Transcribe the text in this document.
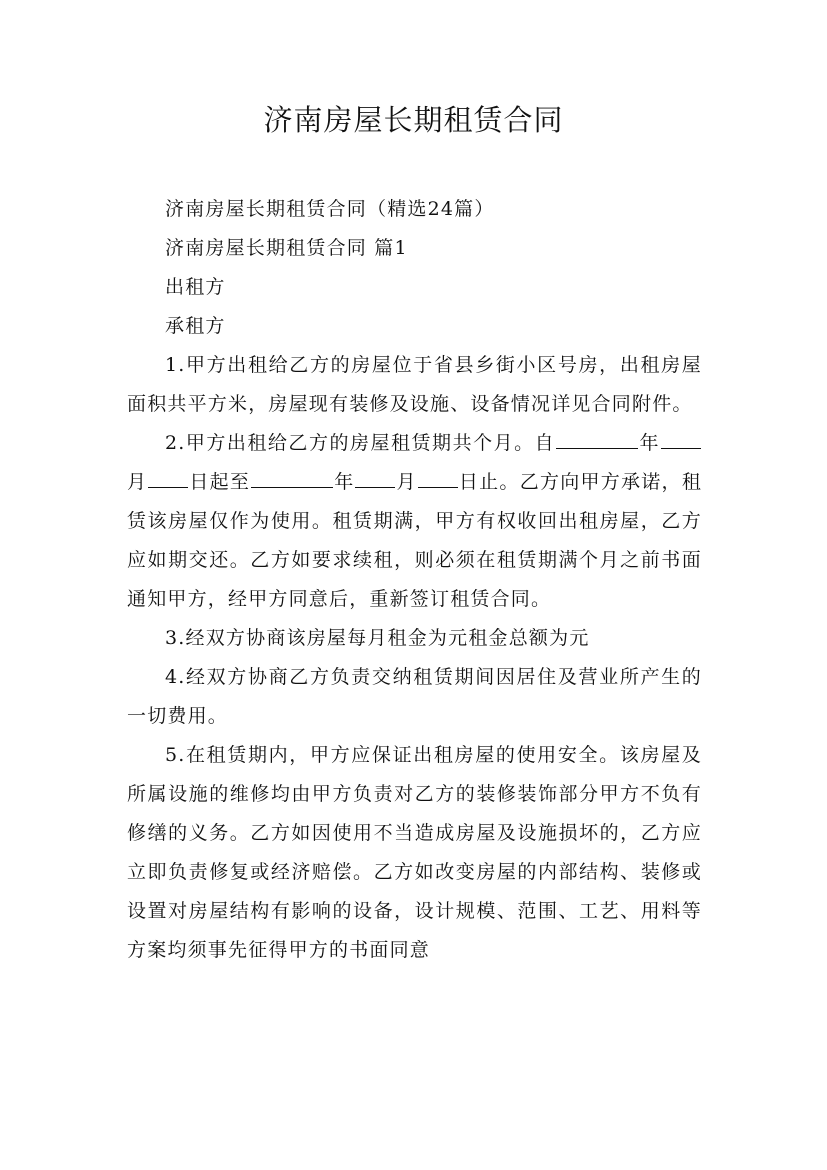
济南房屋长期租赁合同

济南房屋长期租赁合同（精选24篇）

济南房屋长期租赁合同 篇1

出租方

承租方

1.甲方出租给乙方的房屋位于省县乡街小区号房，出租房屋面积共平方米，房屋现有装修及设施、设备情况详见合同附件。

2.甲方出租给乙方的房屋租赁期共个月。自	年月 日起至	年 月 日止。乙方向甲方承诺，租赁该房屋仅作为使用。租赁期满，甲方有权收回出租房屋，乙方应如期交还。乙方如要求续租，则必须在租赁期满个月之前书面通知甲方，经甲方同意后，重新签订租赁合同。

3.经双方协商该房屋每月租金为元租金总额为元

4.经双方协商乙方负责交纳租赁期间因居住及营业所产生的一切费用。

5.在租赁期内，甲方应保证出租房屋的使用安全。该房屋及所属设施的维修均由甲方负责对乙方的装修装饰部分甲方不负有修缮的义务。乙方如因使用不当造成房屋及设施损坏的，乙方应立即负责修复或经济赔偿。乙方如改变房屋的内部结构、装修或设置对房屋结构有影响的设备，设计规模、范围、工艺、用料等方案均须事先征得甲方的书面同意
